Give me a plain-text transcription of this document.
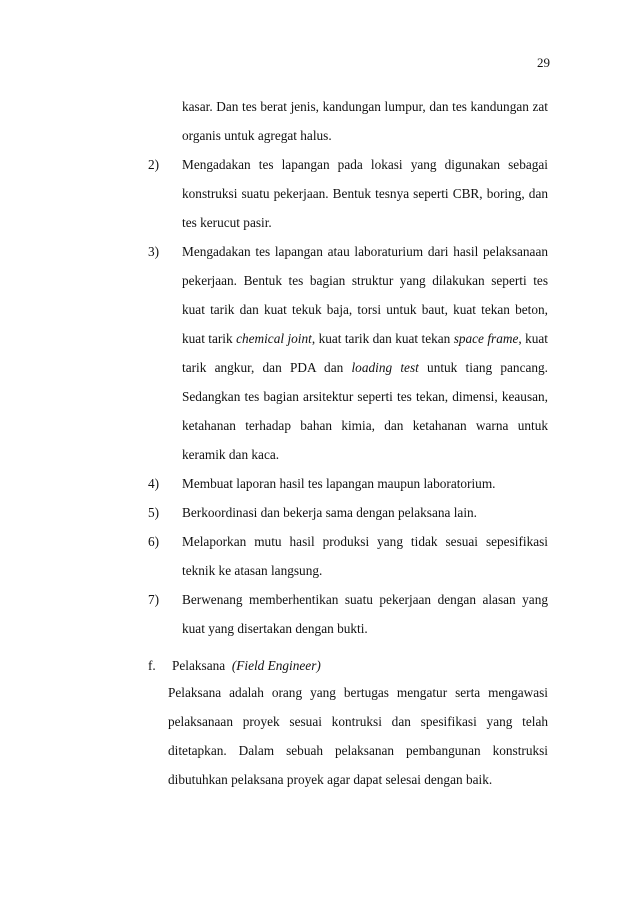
29

kasar. Dan tes berat jenis, kandungan lumpur, dan tes kandungan zat organis untuk agregat halus.

2) Mengadakan tes lapangan pada lokasi yang digunakan sebagai konstruksi suatu pekerjaan. Bentuk tesnya seperti CBR, boring, dan tes kerucut pasir.
3) Mengadakan tes lapangan atau laboraturium dari hasil pelaksanaan pekerjaan. Bentuk tes bagian struktur yang dilakukan seperti tes kuat tarik dan kuat tekuk baja, torsi untuk baut, kuat tekan beton, kuat tarik chemical joint, kuat tarik dan kuat tekan space frame, kuat tarik angkur, dan PDA dan loading test untuk tiang pancang. Sedangkan tes bagian arsitektur seperti tes tekan, dimensi, keausan, ketahanan terhadap bahan kimia, dan ketahanan warna untuk keramik dan kaca.
4) Membuat laporan hasil tes lapangan maupun laboratorium.
5) Berkoordinasi dan bekerja sama dengan pelaksana lain.
6) Melaporkan mutu hasil produksi yang tidak sesuai sepesifikasi teknik ke atasan langsung.
7) Berwenang memberhentikan suatu pekerjaan dengan alasan yang kuat yang disertakan dengan bukti.
f. Pelaksana (Field Engineer)

Pelaksana adalah orang yang bertugas mengatur serta mengawasi pelaksanaan proyek sesuai kontruksi dan spesifikasi yang telah ditetapkan. Dalam sebuah pelaksanan pembangunan konstruksi dibutuhkan pelaksana proyek agar dapat selesai dengan baik.
